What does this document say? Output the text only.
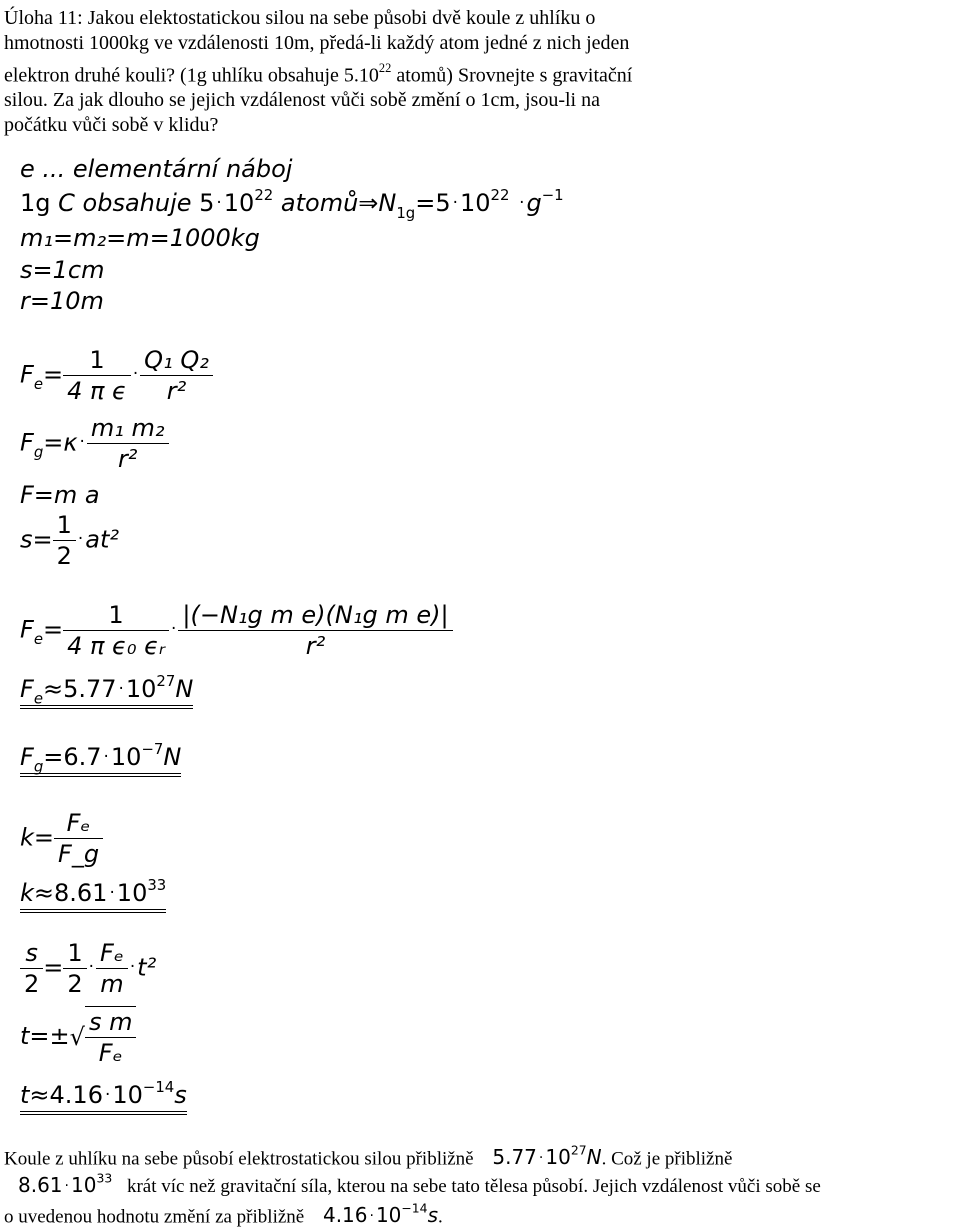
Úloha 11: Jakou elektostatickou silou na sebe působi dvě koule z uhlíku o
hmotnosti 1000kg ve vzdálenosti 10m, předá-li každý atom jedné z nich jeden
elektron druhé kouli? (1g uhlíku obsahuje 5.10$^{22}$ atomů) Srovnejte s gravitační
silou. Za jak dlouho se jejich vzdálenost vůči sobě změní o 1cm, jsou-li na
počátku vůči sobě v klidu?
e ... elementární náboj
1g C obsahuje $5 \cdot 10^{22}$ $atomů\Rightarrow N_{1g}=5 \cdot 10^{22} \cdot g^{-1}$
m₁=m₂=m=1000kg
s=1cm
r=10m
$F_e= \frac{1}{\text{4 π ϵ}} \cdot \frac{\text{Q₁ Q₂}}{\text{r²}}$
$F_g=\kappa \cdot \frac{\text{m₁ m₂}}{\text{r²}}$
F=m a
$s= \frac{1}{2} \cdot at^2$
$F_e= \frac{1}{\text{4 π ϵ₀ ϵᵣ}} \cdot \frac{\text{|(−N₁g m e)(N₁g m e)|}}{\text{r²}}$
$F_e\approx 5.77 \cdot 10^{27}N$
$F_g=6.7 \cdot 10^{-7}N$
$k= \frac{\text{Fₑ}}{F\_g}$
$k\approx 8.61 \cdot 10^{33}$
$\frac{s}{2} = \frac{1}{2} \cdot \frac{\text{Fₑ}}{m} \cdot t^2$
$t=\pm√ \frac{\text{s m}}{\text{Fₑ}}$
$t\approx 4.16 \cdot 10^{-14}s$
Koule z uhlíku na sebe působí elektrostatickou silou přibližně $5.77 \cdot 10^{27}N$. Což je přibližně
$8.61 \cdot 10^{33}$ krát víc než gravitační síla, kterou na sebe tato tělesa působí. Jejich vzdálenost vůči sobě se
o uvedenou hodnotu změní za přibližně $4.16 \cdot 10^{-14}s$.
